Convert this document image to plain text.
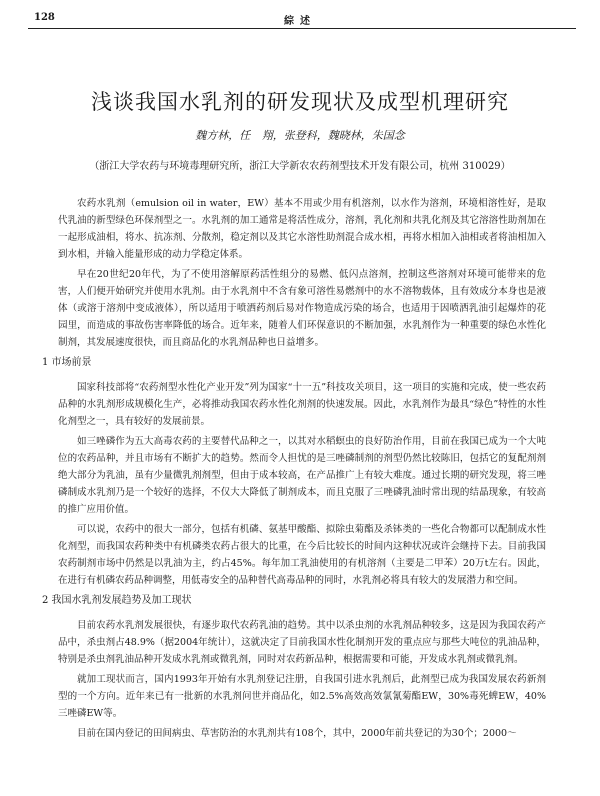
128	綜述
浅谈我国水乳剂的研发现状及成型机理研究
魏方林，任 翔，张登科，魏晓林，朱国念
（浙江大学农药与环境毒理研究所，浙江大学新农农药剂型技术开发有限公司，杭州 310029）

农药水乳剂（emulsion oil in water，EW）基本不用或少用有机溶剂，以水作为溶剂，环境相溶性好，是取代乳油的新型绿色环保剂型之一。水乳剂的加工通常是将活性成分，溶剂，乳化剂和共乳化剂及其它溶溶性助剂加在一起形成油相，将水、抗冻剂、分散剂，稳定剂以及其它水溶性助剂混合成水相，再将水相加入油相或者将油相加入到水相，并输入能量形成的动力学稳定体系。

早在20世纪20年代，为了不使用溶解原药活性组分的易燃、低闪点溶剂，控制这些溶剂对环境可能带来的危害，人们便开始研究并使用水乳剂。由于水乳剂中不含有象可溶性易燃剂中的水不溶物载体，且有效成分本身也是液体（或溶于溶剂中变成液体），所以适用于喷洒药剂后易对作物造成污染的场合，也适用于因喷洒乳油引起爆炸的花园里，而造成的事故伤害率降低的场合。近年来，随着人们环保意识的不断加强，水乳剂作为一种重要的绿色水性化制剂，其发展速度很快，而且商品化的水乳剂品种也日益增多。

1 市场前景

国家科技部将“农药剂型水性化产业开发”列为国家“十一五”科技攻关项目，这一项目的实施和完成，使一些农药品种的水乳剂形成规模化生产，必将推动我国农药水性化剂剂的快速发展。因此，水乳剂作为最具“绿色”特性的水性化剂型之一，具有较好的发展前景。

如三唑磷作为五大高毒农药的主要替代品种之一，以其对水稻螟虫的良好防治作用，目前在我国已成为一个大吨位的农药品种，并且市场有不断扩大的趋势。然而令人担忧的是三唑磷制剂的剂型仍然比较陈旧，包括它的复配剂剂绝大部分为乳油，虽有少量微乳剂剂型，但由于成本较高，在产品推广上有较大难度。通过长期的研究发现，将三唑磷制成水乳剂乃是一个较好的选择，不仅大大降低了制剂成本，而且克服了三唑磷乳油时常出现的结晶现象，有较高的推广应用价值。

可以说，农药中的很大一部分，包括有机磷、氨基甲酸酯、拟除虫菊酯及杀钵类的一些化合物都可以配制成水性化剂型，而我国农药种类中有机磷类农药占很大的比重，在今后比较长的时间内这种状况或许会继持下去。目前我国农药制剂市场中仍然是以乳油为主，约占45%。每年加工乳油使用的有机溶剂（主要是二甲苯）20万t左右。因此，在进行有机磷农药品种调整，用低毒安全的品种替代高毒品种的同时，水乳剂必将具有较大的发展潜力和空间。

2 我国水乳剂发展趋势及加工现状

目前农药水乳剂发展很快，有逐步取代农药乳油的趋势。其中以杀虫剂的水乳剂品种较多，这是因为我国农药产品中，杀虫剂占48.9%（据2004年统计），这就决定了目前我国水性化制剂开发的重点应与那些大吨位的乳油品种，特别是杀虫剂乳油品种开发成水乳剂或微乳剂，同时对农药新品种，根据需要和可能，开发成水乳剂或微乳剂。

就加工现状而言，国内1993年开始有水乳剂登记注册，自我国引进水乳剂后，此剂型已成为我国发展农药新剂型的一个方向。近年来已有一批新的水乳剂问世并商品化，如2.5%高效高效氯氰菊酯EW，30%毒死蜱EW，40%三唑磷EW等。

目前在国内登记的田间病虫、草害防治的水乳剂共有108个，其中，2000年前共登记的为30个；2000～
